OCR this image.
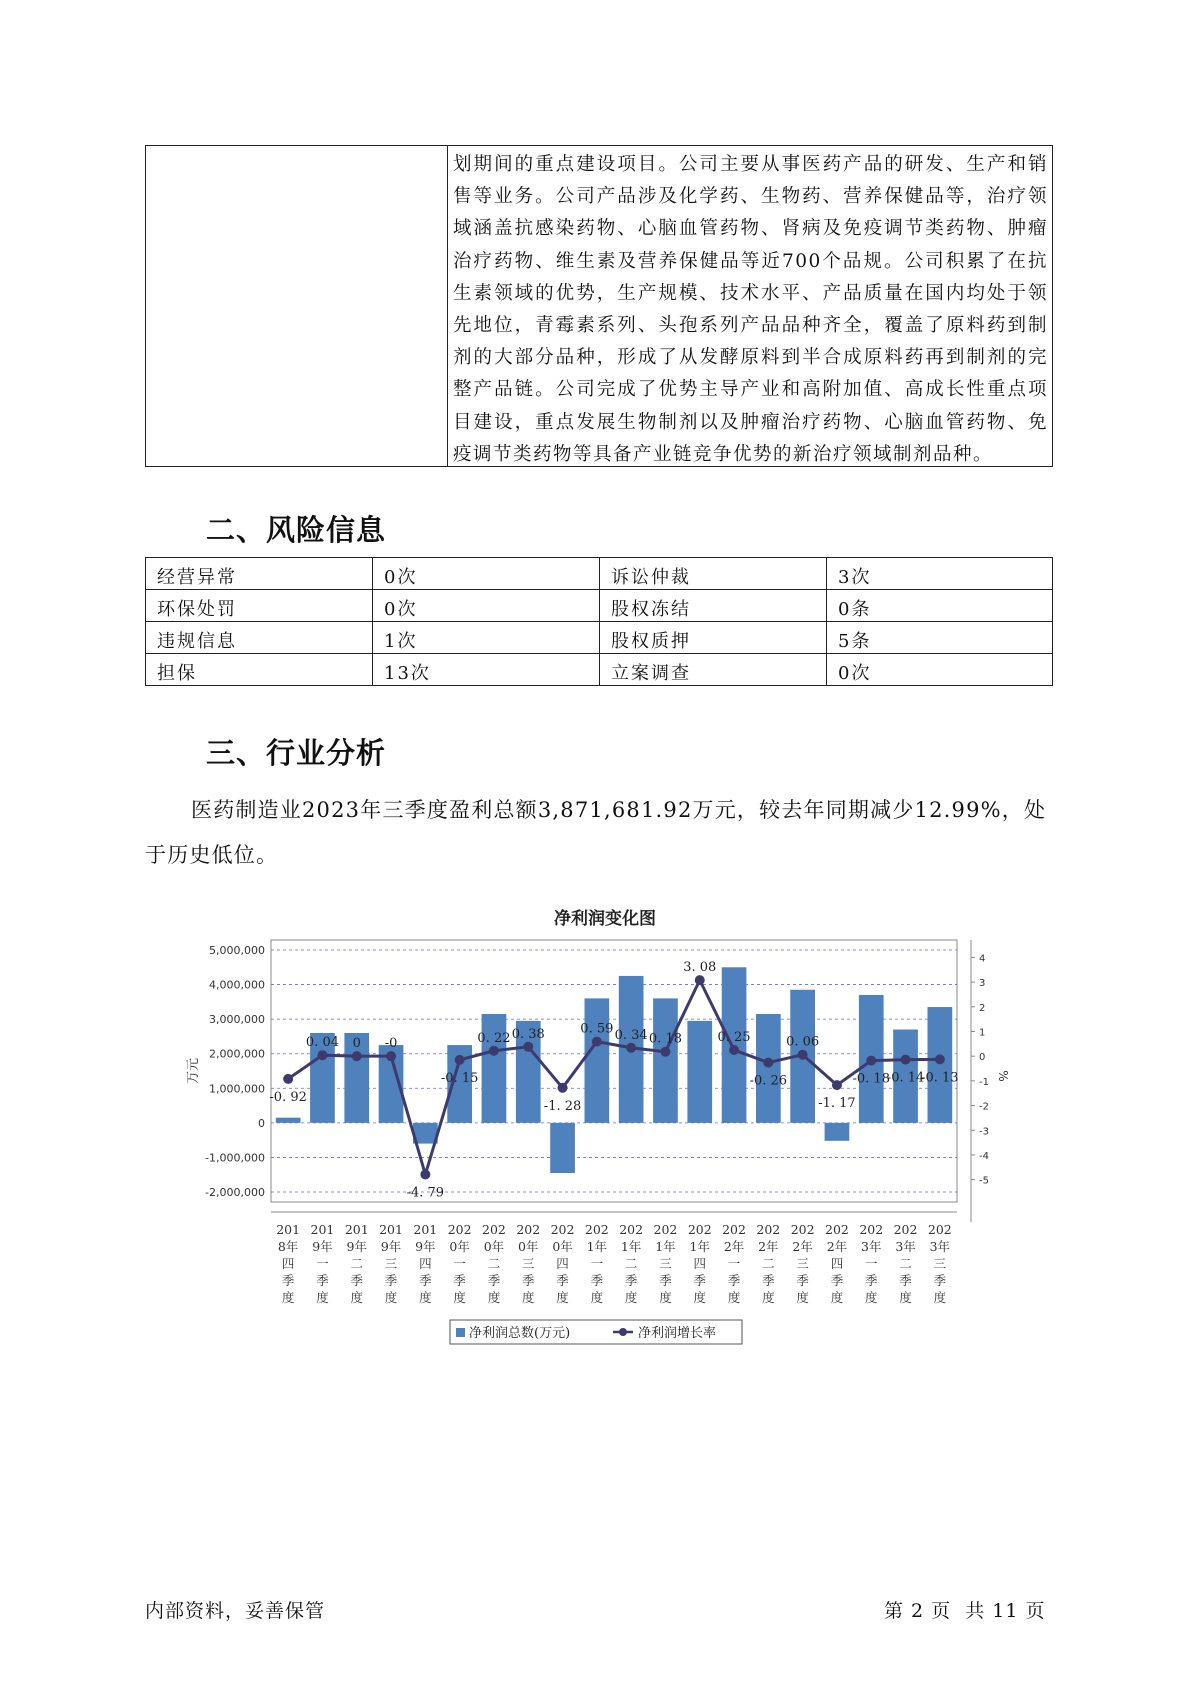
划期间的重点建设项目。公司主要从事医药产品的研发、生产和销售等业务。公司产品涉及化学药、生物药、营养保健品等，治疗领域涵盖抗感染药物、心脑血管药物、肾病及免疫调节类药物、肿瘤治疗药物、维生素及营养保健品等近700个品规。公司积累了在抗生素领域的优势，生产规模、技术水平、产品质量在国内均处于领先地位，青霉素系列、头孢系列产品品种齐全，覆盖了原料药到制剂的大部分品种，形成了从发酵原料到半合成原料药再到制剂的完整产品链。公司完成了优势主导产业和高附加值、高成长性重点项目建设，重点发展生物制剂以及肿瘤治疗药物、心脑血管药物、免疫调节类药物等具备产业链竞争优势的新治疗领域制剂品种。
二、风险信息
经营异常	0次	诉讼仲裁	3次
环保处罚	0次	股权冻结	0条
违规信息	1次	股权质押	5条
担保	13次	立案调查	0次
三、行业分析
医药制造业2023年三季度盈利总额3,871,681.92万元，较去年同期减少12.99%，处于历史低位。
净利润变化图
5,000,000
4,000,000
3,000,000
2,000,000
1,000,000
0
-1,000,000
-2,000,000
万元
4
3
2
1
0
-1
-2
-3
-4
-5
%
-0. 92
0. 04 0 -0
-4. 79
-0. 15
0. 22 0. 38
-1. 28
0. 59 0. 34 0. 18
3. 08
0. 25
-0. 26
0. 06
-1. 17
-0. 18
-0. 14
-0. 13
201
8年
四
季
度
201
9年
一
季
度
201
9年
二
季
度
201
9年
三
季
度
201
9年
四
季
度
202
0年
一
季
度
202
0年
二
季
度
202
0年
三
季
度
202
0年
四
季
度
202
1年
一
季
度
202
1年
二
季
度
202
1年
三
季
度
202
1年
四
季
度
202
2年
一
季
度
202
2年
二
季
度
202
2年
三
季
度
202
2年
四
季
度
202
3年
一
季
度
202
3年
二
季
度
202
3年
三
季
度
净利润总数(万元)	净利润增长率
内部资料，妥善保管	第 2 页  共 11 页
